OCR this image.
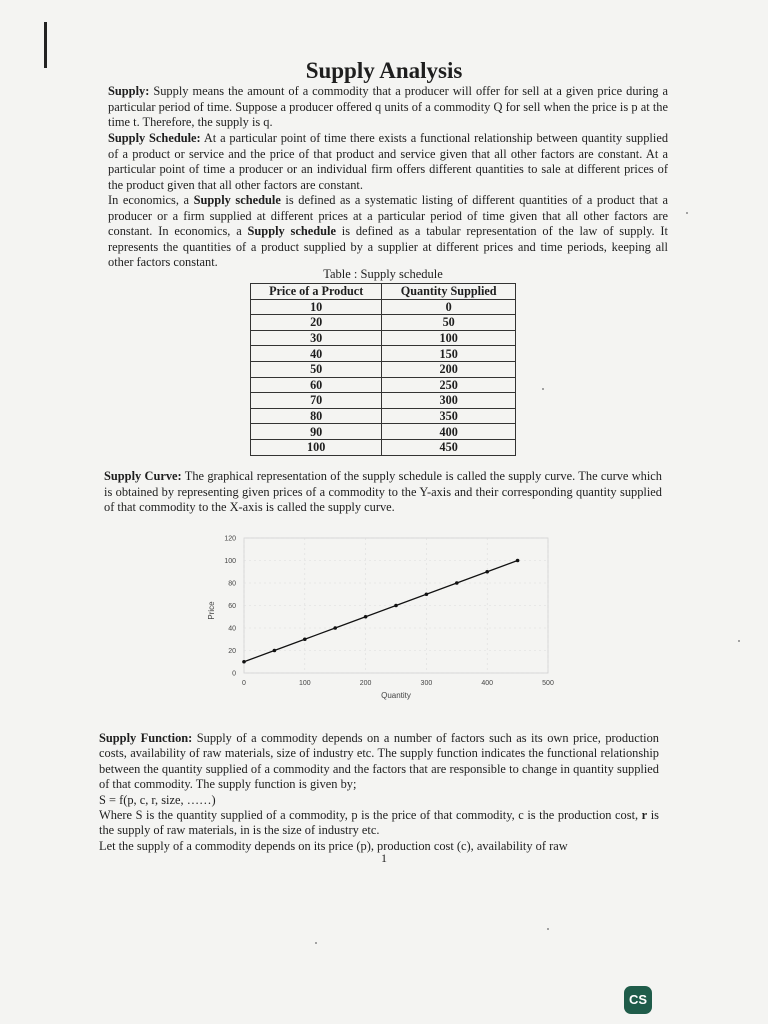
Supply Analysis
Supply: Supply means the amount of a commodity that a producer will offer for sell at a given price during a particular period of time. Suppose a producer offered q units of a commodity Q for sell when the price is p at the time t. Therefore, the supply is q.
Supply Schedule: At a particular point of time there exists a functional relationship between quantity supplied of a product or service and the price of that product and service given that all other factors are constant. At a particular point of time a producer or an individual firm offers different quantities to sale at different prices of the product given that all other factors are constant.
In economics, a Supply schedule is defined as a systematic listing of different quantities of a product that a producer or a firm supplied at different prices at a particular period of time given that all other factors are constant. In economics, a Supply schedule is defined as a tabular representation of the law of supply. It represents the quantities of a product supplied by a supplier at different prices and time periods, keeping all other factors constant.
Table : Supply schedule
Price of a Product	Quantity Supplied
10	0
20	50
30	100
40	150
50	200
60	250
70	300
80	350
90	400
100	450
Supply Curve: The graphical representation of the supply schedule is called the supply curve. The curve which is obtained by representing given prices of a commodity to the Y-axis and their corresponding quantity supplied of that commodity to the X-axis is called the supply curve.
0	100	200	300	400	500
0
20
40
60
80
100
120
Quantity
Price
Supply Function: Supply of a commodity depends on a number of factors such as its own price, production costs, availability of raw materials, size of industry etc. The supply function indicates the functional relationship between the quantity supplied of a commodity and the factors that are responsible to change in quantity supplied of that commodity. The supply function is given by;
S = f(p, c, r, size, ……)
Where S is the quantity supplied of a commodity, p is the price of that commodity, c is the production cost, r is the supply of raw materials, in is the size of industry etc.
Let the supply of a commodity depends on its price (p), production cost (c), availability of raw
1
CS
